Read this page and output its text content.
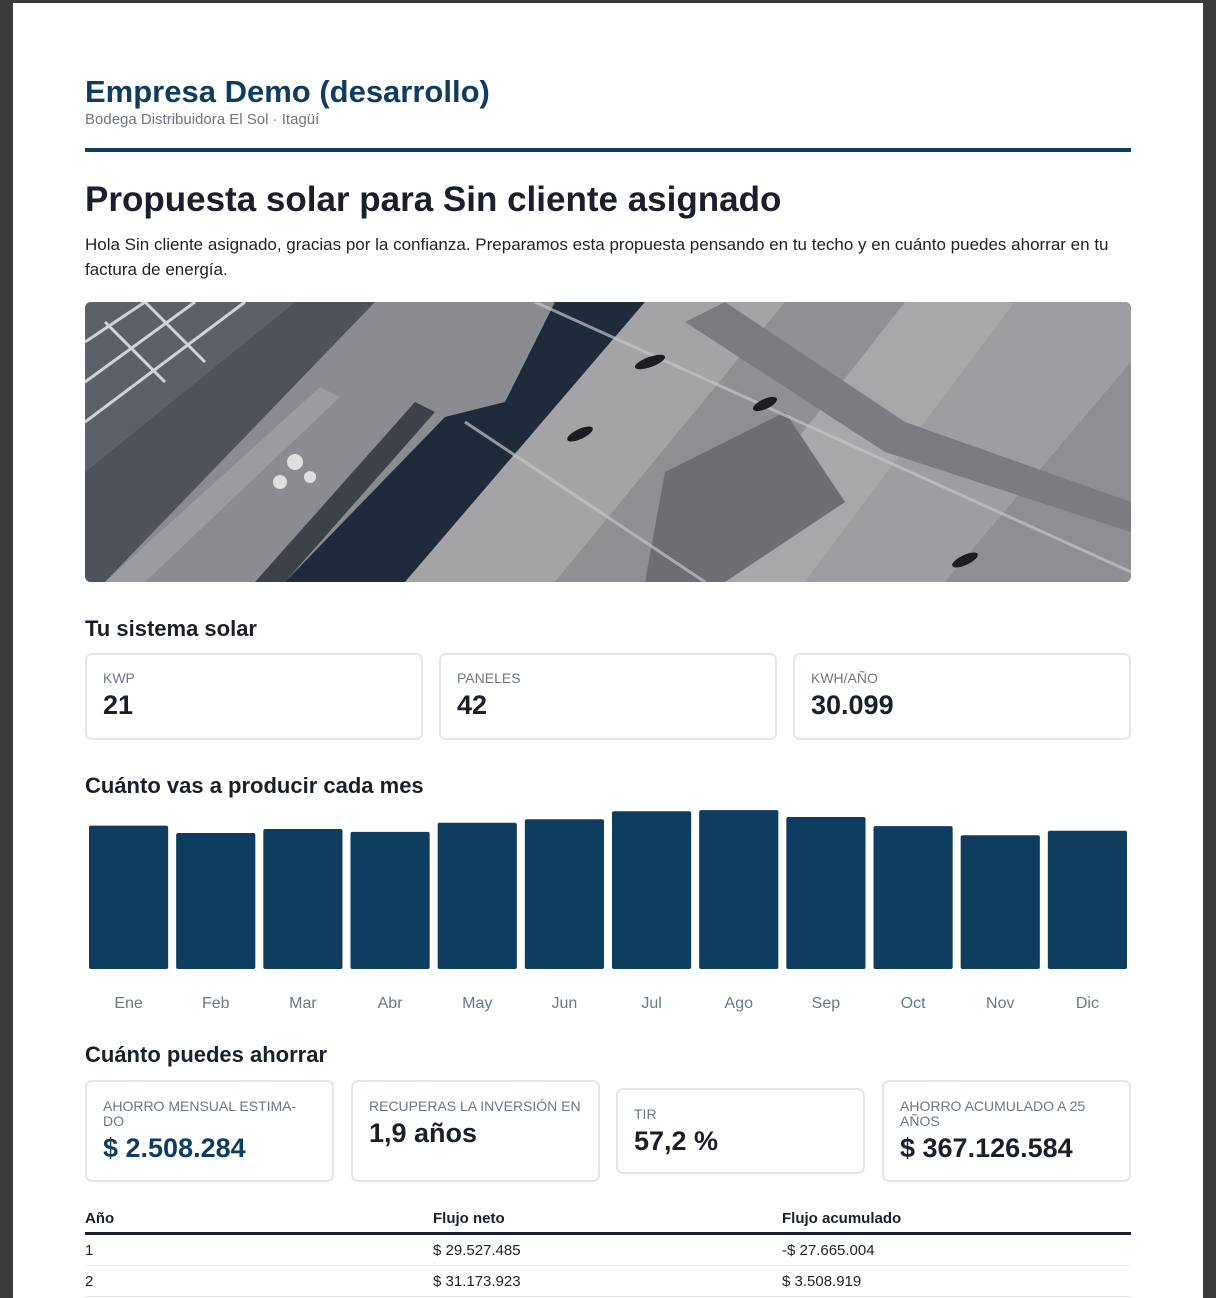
Empresa Demo (desarrollo)
Bodega Distribuidora El Sol · Itagüí
Propuesta solar para Sin cliente asignado
Hola Sin cliente asignado, gracias por la confianza. Preparamos esta propuesta pensando en tu techo y en cuánto puedes ahorrar en tu factura de energía.
Tu sistema solar
KWP
21
PANELES
42
KWH/AÑO
30.099
Cuánto vas a producir cada mes
Ene	Feb	Mar	Abr	May	Jun	Jul	Ago	Sep	Oct	Nov	Dic
Cuánto puedes ahorrar
AHORRO MENSUAL ESTIMA-DO
$ 2.508.284
RECUPERAS LA INVERSIÓN EN
1,9 años
TIR
57,2 %
AHORRO ACUMULADO A 25 AÑOS
$ 367.126.584
Año	Flujo neto	Flujo acumulado
1	$ 29.527.485	-$ 27.665.004
2	$ 31.173.923	$ 3.508.919
